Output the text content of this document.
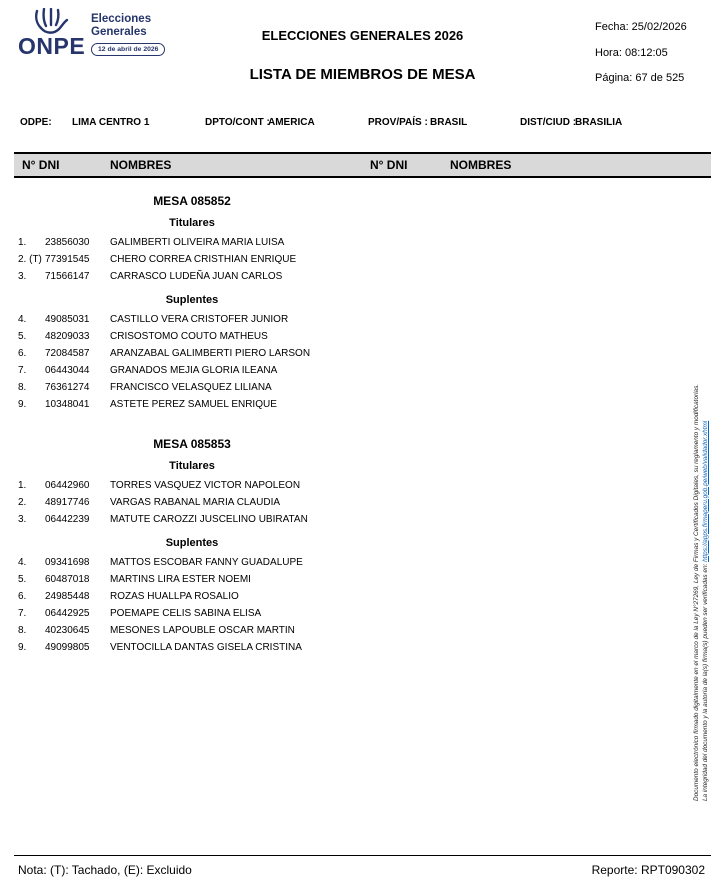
ONPE
Elecciones
Generales
12 de abril de 2026
ELECCIONES GENERALES 2026
LISTA DE MIEMBROS DE MESA
Fecha: 25/02/2026
Hora: 08:12:05
Página: 67 de 525
ODPE: LIMA CENTRO 1	DPTO/CONT :
AMERICA	PROV/PAÍS : BRASIL	DIST/CIUD :
BRASILIA
N° DNI	NOMBRES	N° DNI	NOMBRES
MESA 085852
Titulares
1.	23856030	GALIMBERTI OLIVEIRA MARIA LUISA
2. (T) 77391545	CHERO CORREA CRISTHIAN ENRIQUE
3.	71566147	CARRASCO LUDEÑA JUAN CARLOS
Suplentes
4.	49085031	CASTILLO VERA CRISTOFER JUNIOR
5.	48209033	CRISOSTOMO COUTO MATHEUS
6.	72084587	ARANZABAL GALIMBERTI PIERO LARSON
7.	06443044	GRANADOS MEJIA GLORIA ILEANA
8.	76361274	FRANCISCO VELASQUEZ LILIANA
9.	10348041	ASTETE PEREZ SAMUEL ENRIQUE
MESA 085853
Titulares
1.	06442960	TORRES VASQUEZ VICTOR NAPOLEON
2.	48917746	VARGAS RABANAL MARIA CLAUDIA
3.	06442239	MATUTE CAROZZI JUSCELINO UBIRATAN
Suplentes
4.	09341698	MATTOS ESCOBAR FANNY GUADALUPE
5.	60487018	MARTINS LIRA ESTER NOEMI
6.	24985448	ROZAS HUALLPA ROSALIO
7.	06442925	POEMAPE CELIS SABINA ELISA
8.	40230645	MESONES LAPOUBLE OSCAR MARTIN
9.	49099805	VENTOCILLA DANTAS GISELA CRISTINA	Documento electrónico firmado digitalmente en el marco de la Ley N°27269, Ley de Firmas y Certificados Digitales, su reglamento y modificatorias. La integridad del documento y la autoría de la(s) firma(s) pueden ser verificadas en: https://apps.firmaperu.gob.pe/web/validador.xhtml
Nota: (T): Tachado, (E): Excluido	Reporte: RPT090302
